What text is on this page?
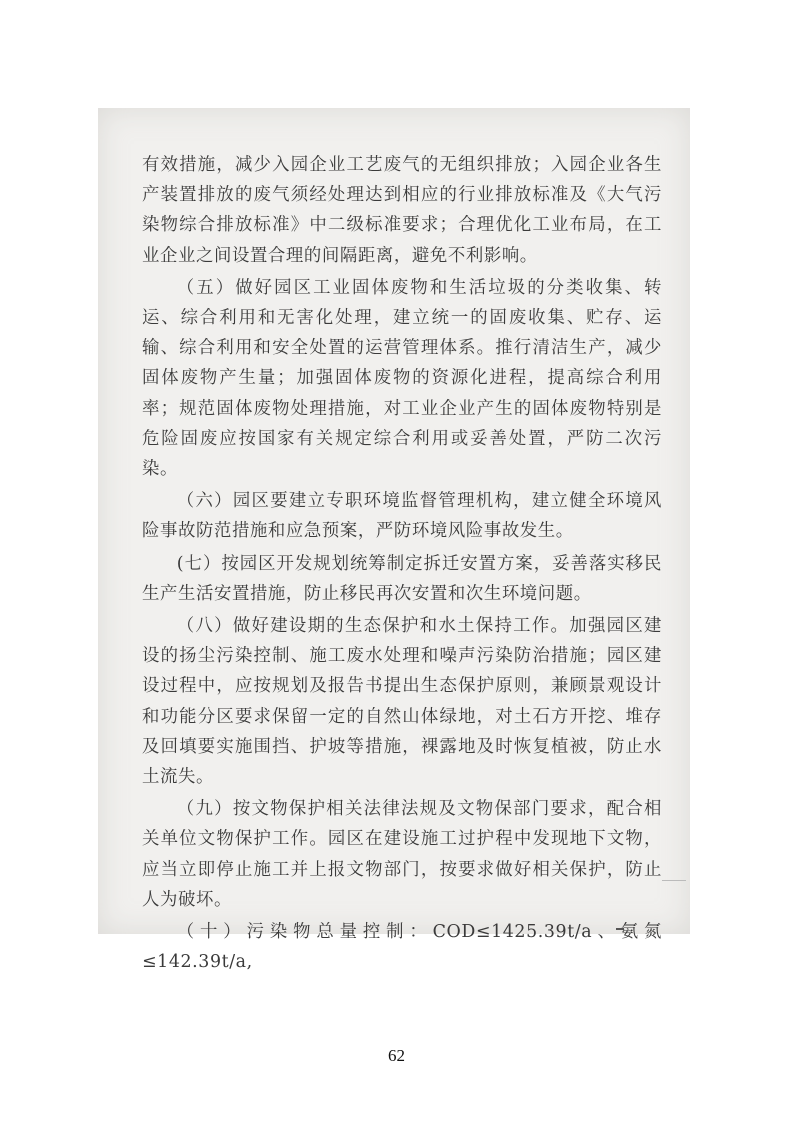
有效措施，减少入园企业工艺废气的无组织排放；入园企业各生产装置排放的废气须经处理达到相应的行业排放标准及《大气污染物综合排放标准》中二级标准要求；合理优化工业布局，在工业企业之间设置合理的间隔距离，避免不利影响。

（五）做好园区工业固体废物和生活垃圾的分类收集、转运、综合利用和无害化处理，建立统一的固废收集、贮存、运输、综合利用和安全处置的运营管理体系。推行清洁生产，减少固体废物产生量；加强固体废物的资源化进程，提高综合利用率；规范固体废物处理措施，对工业企业产生的固体废物特别是危险固废应按国家有关规定综合利用或妥善处置，严防二次污染。

（六）园区要建立专职环境监督管理机构，建立健全环境风险事故防范措施和应急预案，严防环境风险事故发生。

(七）按园区开发规划统筹制定拆迁安置方案，妥善落实移民生产生活安置措施，防止移民再次安置和次生环境问题。

（八）做好建设期的生态保护和水土保持工作。加强园区建设的扬尘污染控制、施工废水处理和噪声污染防治措施；园区建设过程中，应按规划及报告书提出生态保护原则，兼顾景观设计和功能分区要求保留一定的自然山体绿地，对土石方开挖、堆存及回填要实施围挡、护坡等措施，裸露地及时恢复植被，防止水土流失。

（九）按文物保护相关法律法规及文物保部门要求，配合相关单位文物保护工作。园区在建设施工过护程中发现地下文物，应当立即停止施工并上报文物部门，按要求做好相关保护，防止人为破坏。

（十）污染物总量控制：COD≤1425.39t/a、氨氮≤142.39t/a,

62
